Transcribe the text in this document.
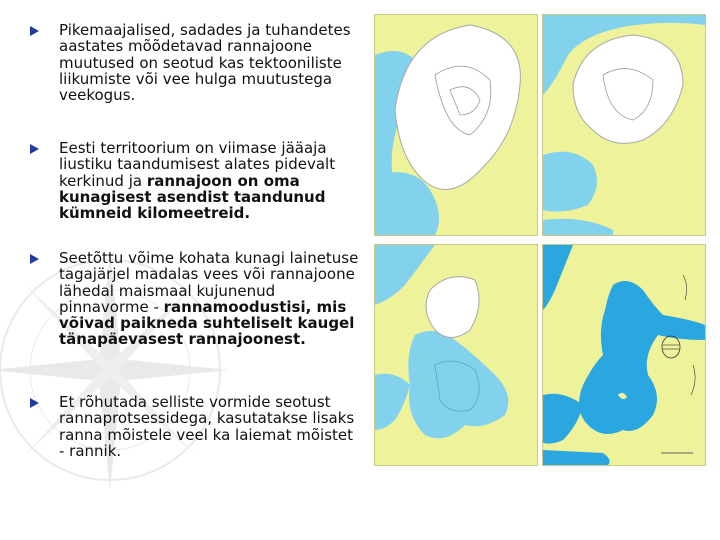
Pikemaajalised, sadades ja tuhandetes aastates mõõdetavad rannajoone muutused on seotud kas tektooniliste liikumiste või vee hulga muutustega veekogus.
Eesti territoorium on viimase jääaja liustiku taandumisest alates pidevalt kerkinud ja rannajoon on oma kunagisest asendist taandunud kümneid kilomeetreid.
Seetõttu võime kohata kunagi lainetuse tagajärjel madalas vees või rannajoone lähedal maismaal kujunenud pinnavorme - rannamoodustisi, mis võivad paikneda suhteliselt kaugel tänapäevasest rannajoonest.
Et rõhutada selliste vormide seotust rannaprotsessidega, kasutatakse lisaks ranna mõistele veel ka laiemat mõistet - rannik.
